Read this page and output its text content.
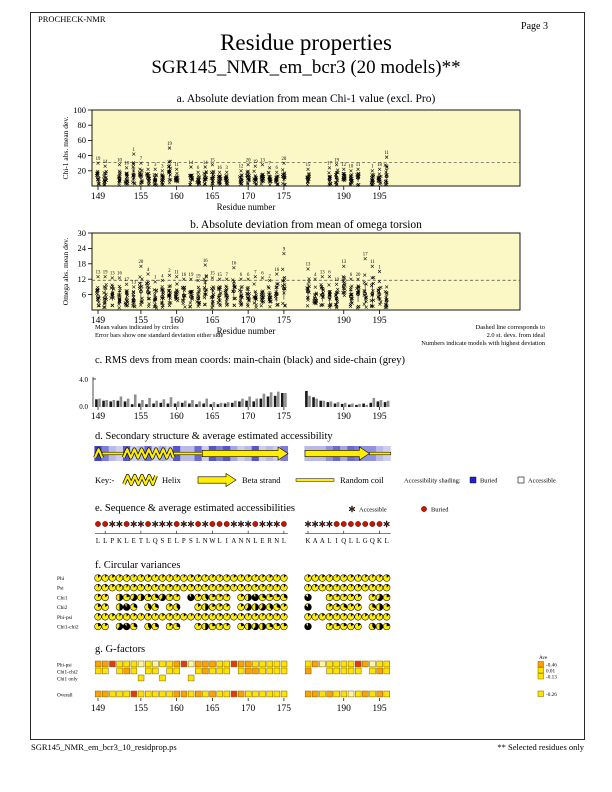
20
40
60
80
100
Chi-1 abs. mean dev.
149	155 160 165 170 175	190 195
Residue number
19
14 10
18
1
7
3 3 3
19
11 14
6
14 15
16 3 12
20 19 13
7
6
20
15	17
19
12 10 11 1 18
11
6
12
18
24
30
Omega abs. mean dev.
149	155 160 165 170 175	190 195
Residue number
13 19 13 16
17
13
20
4
1 4
2 11
16 19 19
16
15 15 7
16
6 6
7 6
2
16
9
13
4
13 6
10
13
6 20
17
11
1
4.0
0.0
149	155 160 165 170 175	190 195
Key:-	Helix	Beta strand	Random coil	Accessibility shading:	Buried	Accessible
Accessible	Buried
L L P K L E T L Q S E L P S L N W L I A N N L E R N L	K A A L I Q L L G Q K L
Phi
Psi
Chi1
Chi2
Phi-psi
Chi1-chi2
Phi-psi
Chi1-chi2
Chi1 only
Overall
149	155 160 165 170 175	190 195
Ave
-0.46
0.01
-0.13
-0.26
PROCHECK-NMR
Page 3
Residue properties
SGR145_NMR_em_bcr3 (20 models)**
a. Absolute deviation from mean Chi-1 value (excl. Pro)
b. Absolute deviation from mean of omega torsion
Mean values indicated by circles
Error bars show one standard deviation either side
Dashed line corresponds to
2.0 st. devs. from ideal
Numbers indicate models with highest deviation
c. RMS devs from mean coords: main-chain (black) and side-chain (grey)
d. Secondary structure & average estimated accessibility
e. Sequence & average estimated accessibilities
f. Circular variances
g. G-factors
SGR145_NMR_em_bcr3_10_residprop.ps	** Selected residues only
